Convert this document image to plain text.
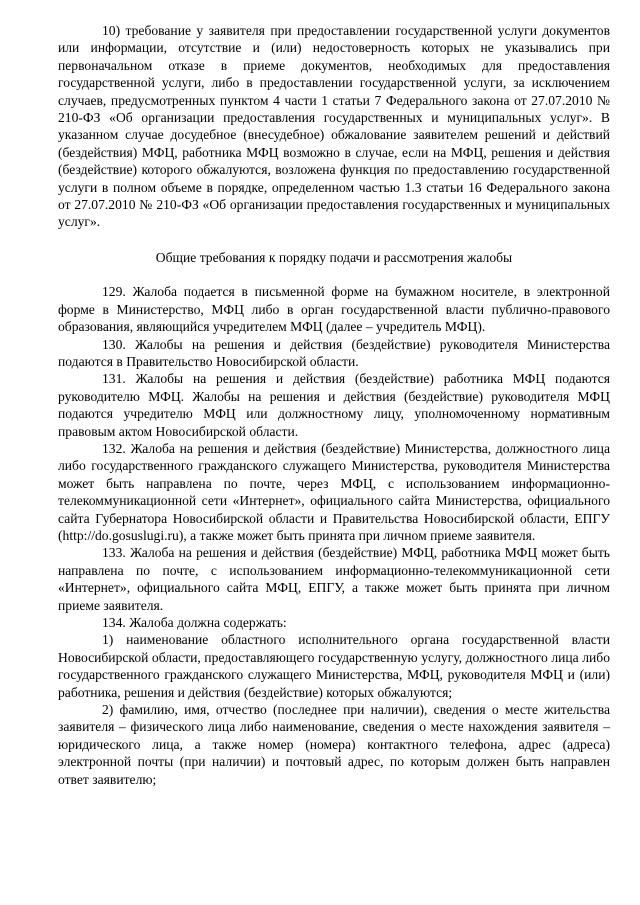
10) требование у заявителя при предоставлении государственной услуги документов или информации, отсутствие и (или) недостоверность которых не указывались при первоначальном отказе в приеме документов, необходимых для предоставления государственной услуги, либо в предоставлении государственной услуги, за исключением случаев, предусмотренных пунктом 4 части 1 статьи 7 Федерального закона от 27.07.2010 № 210-ФЗ «Об организации предоставления государственных и муниципальных услуг». В указанном случае досудебное (внесудебное) обжалование заявителем решений и действий (бездействия) МФЦ, работника МФЦ возможно в случае, если на МФЦ, решения и действия (бездействие) которого обжалуются, возложена функция по предоставлению государственной услуги в полном объеме в порядке, определенном частью 1.3 статьи 16 Федерального закона от 27.07.2010 № 210-ФЗ «Об организации предоставления государственных и муниципальных услуг».

Общие требования к порядку подачи и рассмотрения жалобы

129. Жалоба подается в письменной форме на бумажном носителе, в электронной форме в Министерство, МФЦ либо в орган государственной власти публично-правового образования, являющийся учредителем МФЦ (далее – учредитель МФЦ).

130. Жалобы на решения и действия (бездействие) руководителя Министерства подаются в Правительство Новосибирской области.

131. Жалобы на решения и действия (бездействие) работника МФЦ подаются руководителю МФЦ. Жалобы на решения и действия (бездействие) руководителя МФЦ подаются учредителю МФЦ или должностному лицу, уполномоченному нормативным правовым актом Новосибирской области.

132. Жалоба на решения и действия (бездействие) Министерства, должностного лица либо государственного гражданского служащего Министерства, руководителя Министерства может быть направлена по почте, через МФЦ, с использованием информационно-телекоммуникационной сети «Интернет», официального сайта Министерства, официального сайта Губернатора Новосибирской области и Правительства Новосибирской области, ЕПГУ (http://do.gosuslugi.ru), а также может быть принята при личном приеме заявителя.

133. Жалоба на решения и действия (бездействие) МФЦ, работника МФЦ может быть направлена по почте, с использованием информационно-телекоммуникационной сети «Интернет», официального сайта МФЦ, ЕПГУ, а также может быть принята при личном приеме заявителя.

134. Жалоба должна содержать:

1) наименование областного исполнительного органа государственной власти Новосибирской области, предоставляющего государственную услугу, должностного лица либо государственного гражданского служащего Министерства, МФЦ, руководителя МФЦ и (или) работника, решения и действия (бездействие) которых обжалуются;

2) фамилию, имя, отчество (последнее при наличии), сведения о месте жительства заявителя – физического лица либо наименование, сведения о месте нахождения заявителя – юридического лица, а также номер (номера) контактного телефона, адрес (адреса) электронной почты (при наличии) и почтовый адрес, по которым должен быть направлен ответ заявителю;
